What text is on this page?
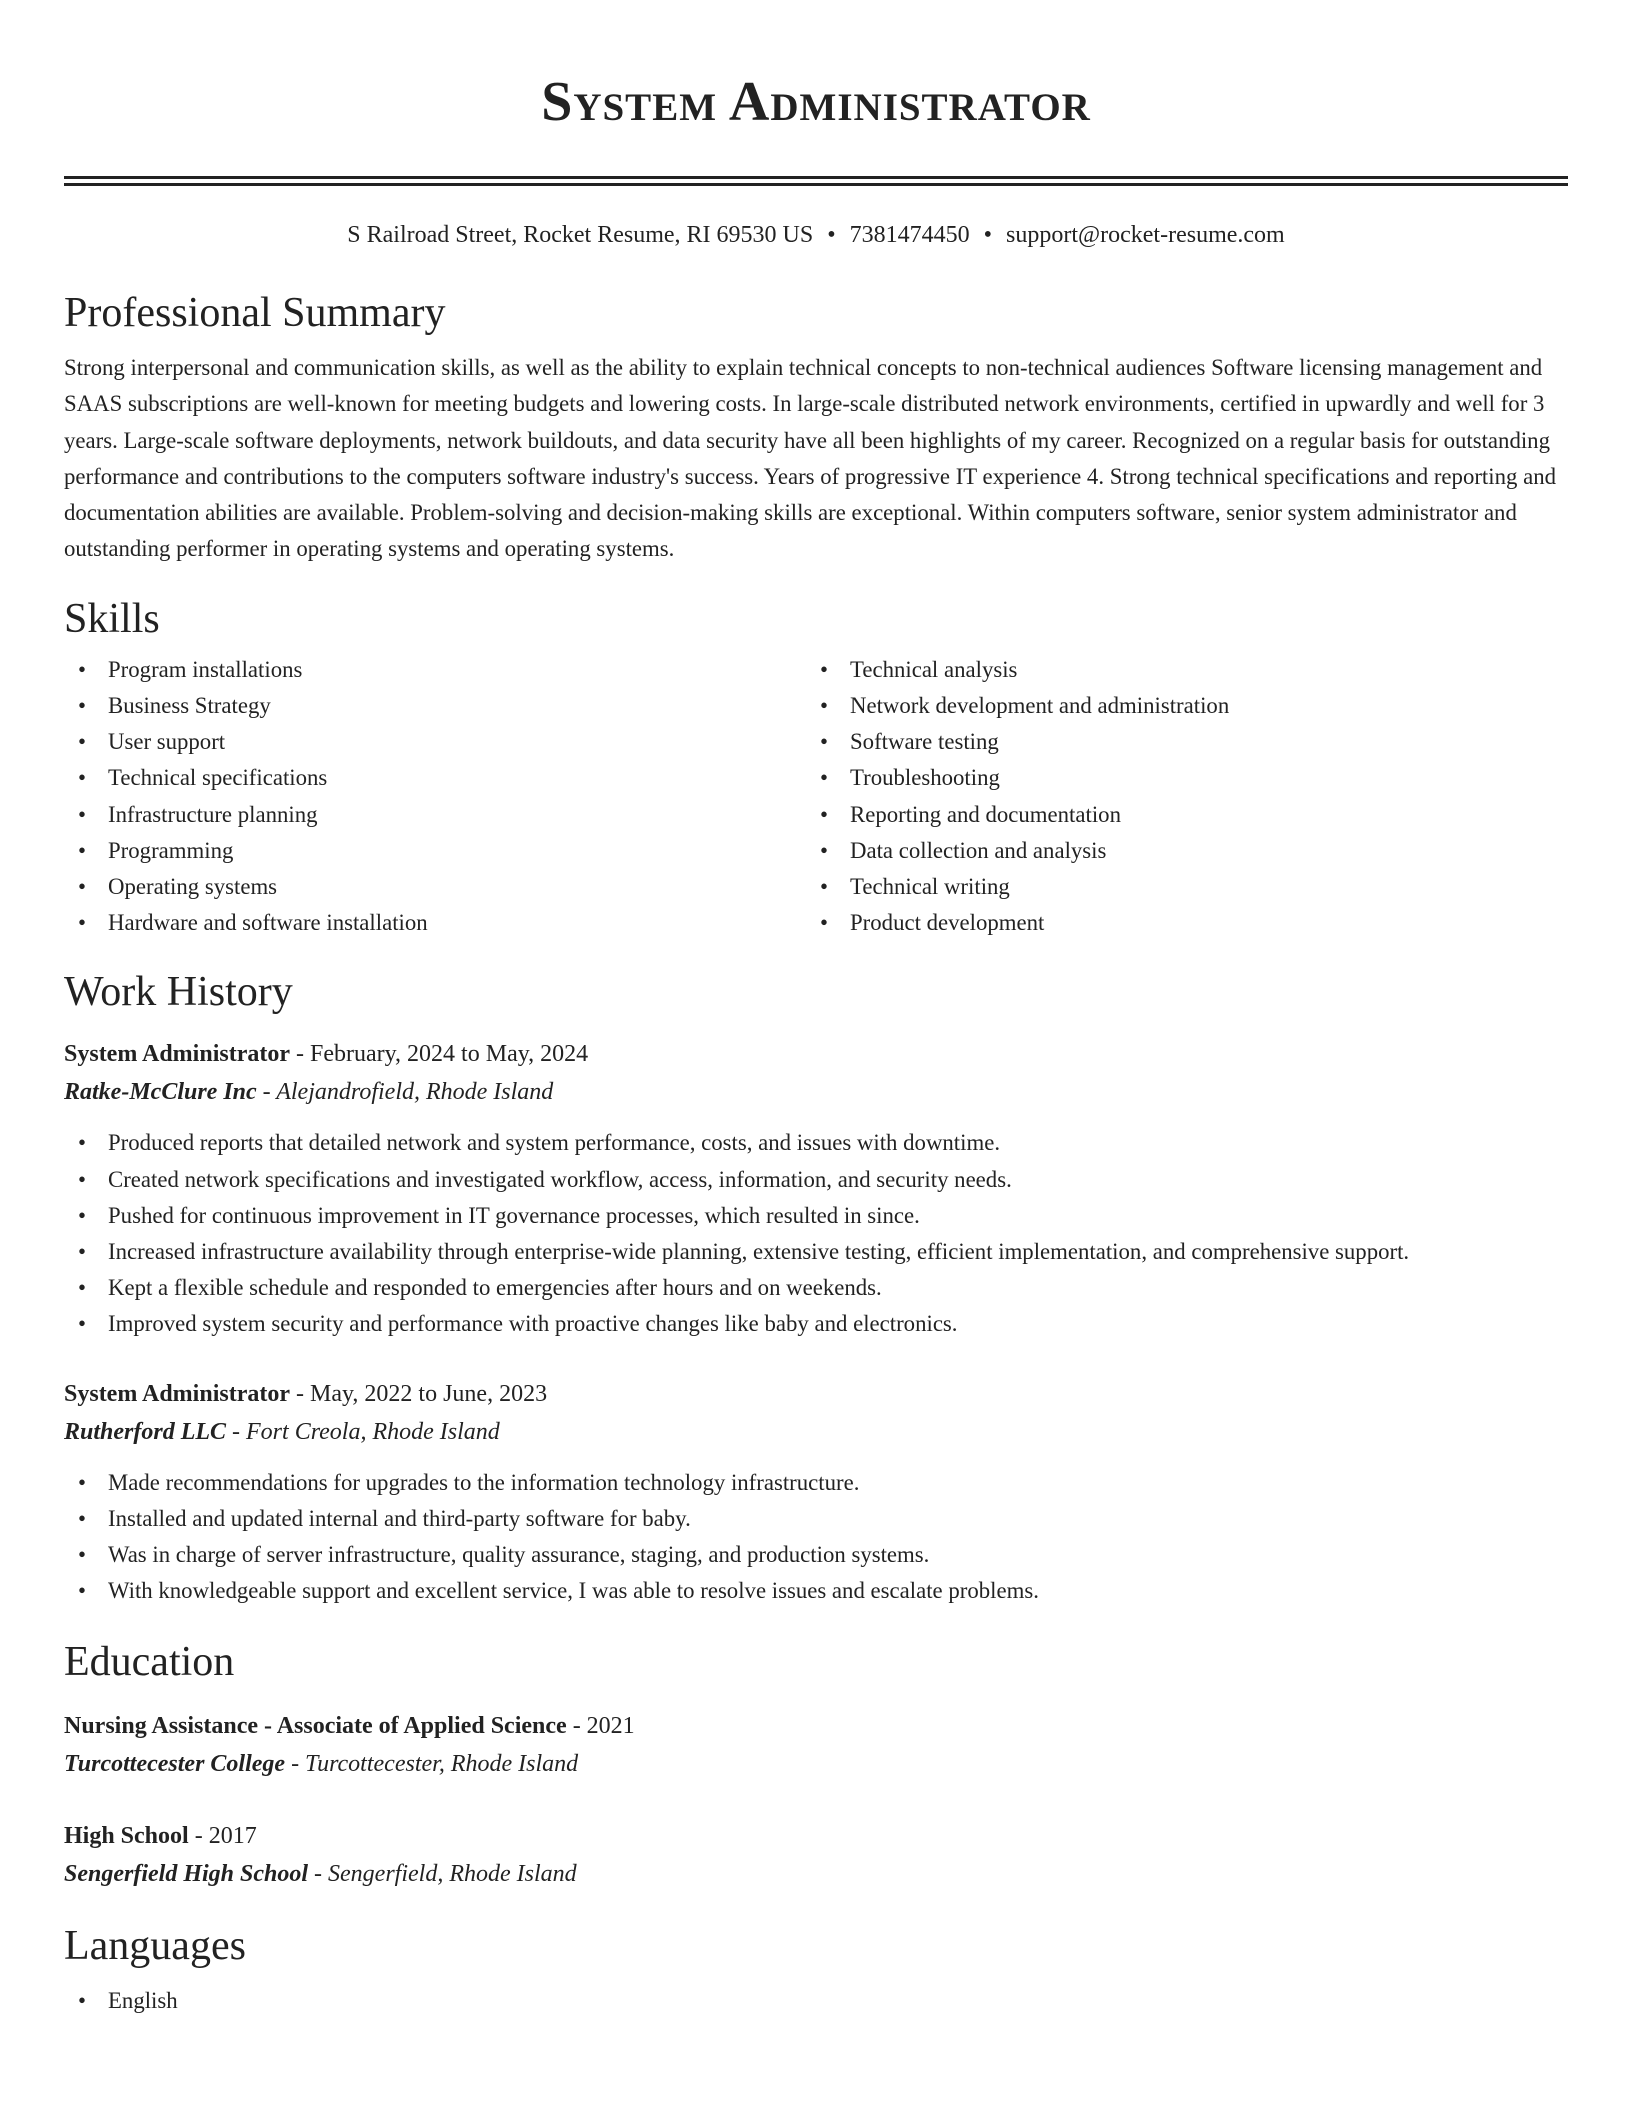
System Administrator
S Railroad Street, Rocket Resume, RI 69530 US • 7381474450 • support@rocket-resume.com
Professional Summary

Strong interpersonal and communication skills, as well as the ability to explain technical concepts to non-technical audiences Software licensing management and SAAS subscriptions are well-known for meeting budgets and lowering costs. In large-scale distributed network environments, certified in upwardly and well for 3 years. Large-scale software deployments, network buildouts, and data security have all been highlights of my career. Recognized on a regular basis for outstanding performance and contributions to the computers software industry's success. Years of progressive IT experience 4. Strong technical specifications and reporting and documentation abilities are available. Problem-solving and decision-making skills are exceptional. Within computers software, senior system administrator and outstanding performer in operating systems and operating systems.

Skills
• Program installations
• Business Strategy
• User support
• Technical specifications
• Infrastructure planning
• Programming
• Operating systems
• Hardware and software installation
• Technical analysis
• Network development and administration
• Software testing
• Troubleshooting
• Reporting and documentation
• Data collection and analysis
• Technical writing
• Product development
Work History
System Administrator - February, 2024 to May, 2024
Ratke-McClure Inc - Alejandrofield, Rhode Island
• Produced reports that detailed network and system performance, costs, and issues with downtime.
• Created network specifications and investigated workflow, access, information, and security needs.
• Pushed for continuous improvement in IT governance processes, which resulted in since.
• Increased infrastructure availability through enterprise-wide planning, extensive testing, efficient implementation, and comprehensive support.
• Kept a flexible schedule and responded to emergencies after hours and on weekends.
• Improved system security and performance with proactive changes like baby and electronics.
System Administrator - May, 2022 to June, 2023
Rutherford LLC - Fort Creola, Rhode Island
• Made recommendations for upgrades to the information technology infrastructure.
• Installed and updated internal and third-party software for baby.
• Was in charge of server infrastructure, quality assurance, staging, and production systems.
• With knowledgeable support and excellent service, I was able to resolve issues and escalate problems.
Education
Nursing Assistance - Associate of Applied Science - 2021
Turcottecester College - Turcottecester, Rhode Island
High School - 2017
Sengerfield High School - Sengerfield, Rhode Island
Languages
• English
